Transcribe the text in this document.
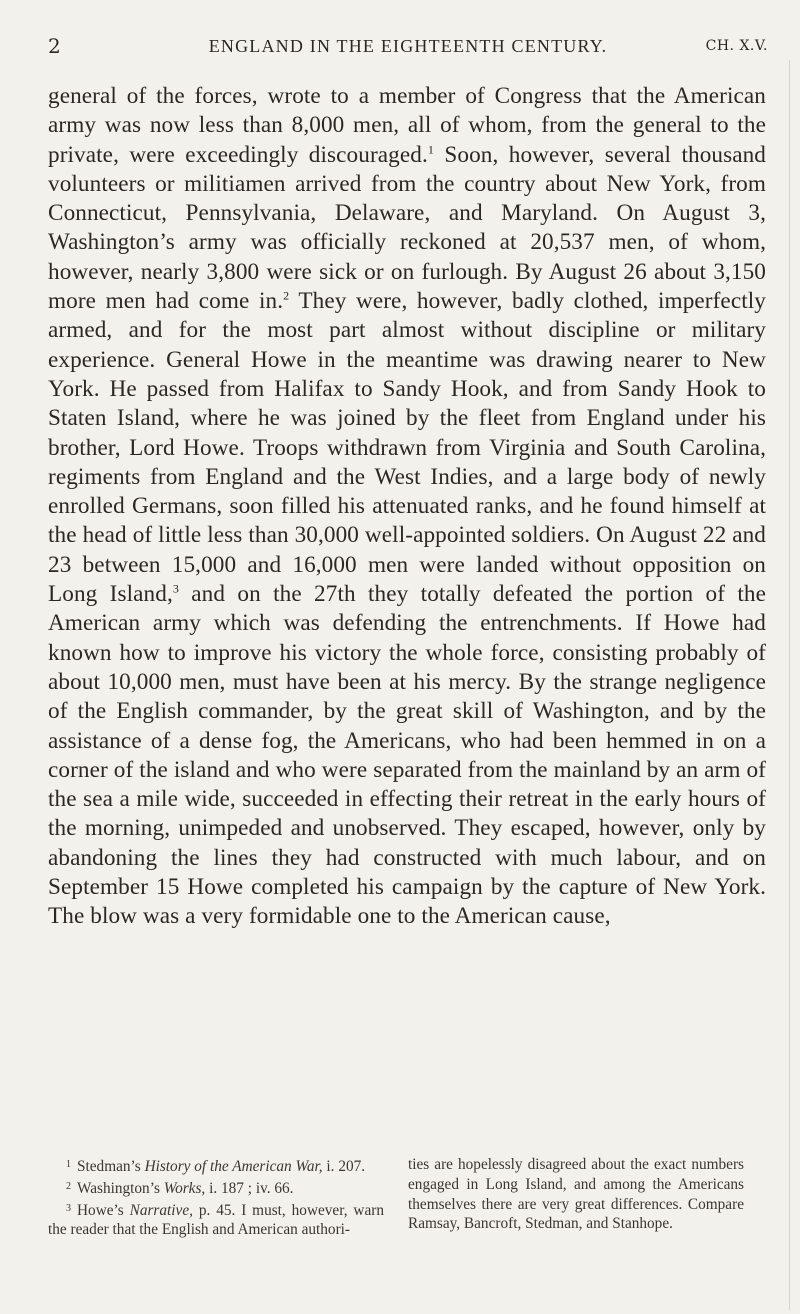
2	ENGLAND IN THE EIGHTEENTH CENTURY.	CH. X.V.

general of the forces, wrote to a member of Congress that the American army was now less than 8,000 men, all of whom, from the general to the private, were exceedingly discouraged.$^1$ Soon, however, several thousand volunteers or militiamen arrived from the country about New York, from Connecticut, Pennsylvania, Delaware, and Maryland. On August 3, Washington’s army was officially reckoned at 20,537 men, of whom, however, nearly 3,800 were sick or on furlough. By August 26 about 3,150 more men had come in.$^2$ They were, however, badly clothed, imperfectly armed, and for the most part almost without discipline or military experience. General Howe in the meantime was drawing nearer to New York. He passed from Halifax to Sandy Hook, and from Sandy Hook to Staten Island, where he was joined by the fleet from England under his brother, Lord Howe. Troops withdrawn from Virginia and South Carolina, regiments from England and the West Indies, and a large body of newly enrolled Germans, soon filled his attenuated ranks, and he found himself at the head of little less than 30,000 well-appointed soldiers. On August 22 and 23 between 15,000 and 16,000 men were landed without opposition on Long Island,$^3$ and on the 27th they totally defeated the portion of the American army which was defending the entrenchments. If Howe had known how to improve his victory the whole force, consisting probably of about 10,000 men, must have been at his mercy. By the strange negligence of the English commander, by the great skill of Washington, and by the assistance of a dense fog, the Americans, who had been hemmed in on a corner of the island and who were separated from the mainland by an arm of the sea a mile wide, succeeded in effecting their retreat in the early hours of the morning, unimpeded and unobserved. They escaped, however, only by abandoning the lines they had constructed with much labour, and on September 15 Howe completed his campaign by the capture of New York. The blow was a very formidable one to the American cause,

$^1$ Stedman’s History of the American War, i. 207.

$^2$ Washington’s Works, i. 187 ; iv. 66.

$^3$ Howe’s Narrative, p. 45. I must, however, warn the reader that the English and American authori-

ties are hopelessly disagreed about the exact numbers engaged in Long Island, and among the Americans themselves there are very great differences. Compare Ramsay, Bancroft, Stedman, and Stanhope.
